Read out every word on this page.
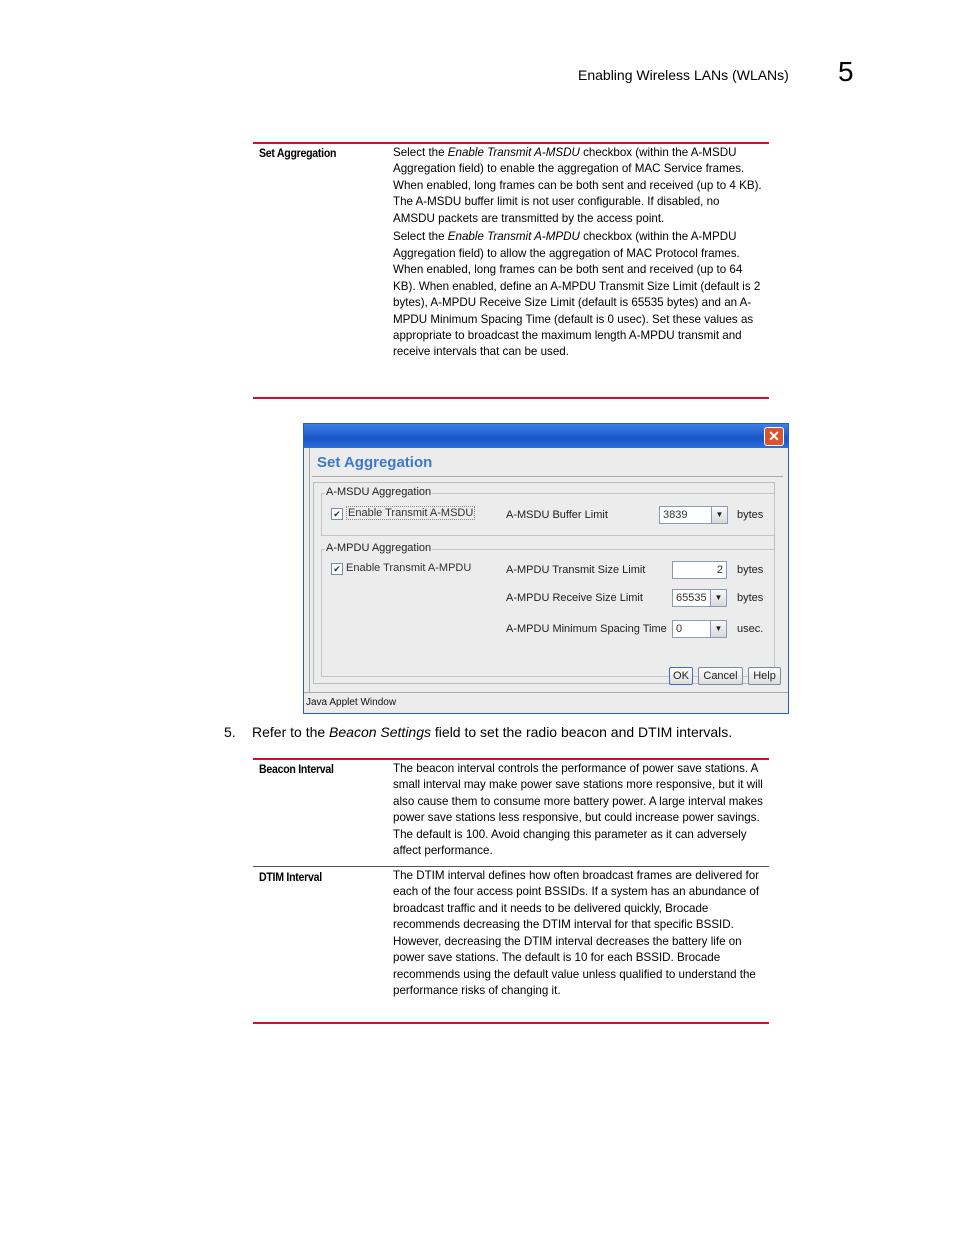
Enabling Wireless LANs (WLANs) 5
Set Aggregation	Select the Enable Transmit A-MSDU checkbox (within the A-MSDU Aggregation field) to enable the aggregation of MAC Service frames. When enabled, long frames can be both sent and received (up to 4 KB). The A-MSDU buffer limit is not user configurable. If disabled, no AMSDU packets are transmitted by the access point.

Select the Enable Transmit A-MPDU checkbox (within the A-MPDU Aggregation field) to allow the aggregation of MAC Protocol frames. When enabled, long frames can be both sent and received (up to 64 KB). When enabled, define an A-MPDU Transmit Size Limit (default is 2 bytes), A-MPDU Receive Size Limit (default is 65535 bytes) and an A-MPDU Minimum Spacing Time (default is 0 usec). Set these values as appropriate to broadcast the maximum length A-MPDU transmit and receive intervals that can be used.

✕
Set Aggregation
A-MSDU Aggregation
✔ Enable Transmit A-MSDU	A-MSDU Buffer Limit	3839	▼	bytes
A-MPDU Aggregation
✔ Enable Transmit A-MPDU	A-MPDU Transmit Size Limit	2	bytes
A-MPDU Receive Size Limit	65535 ▼	bytes
A-MPDU Minimum Spacing Time 0	▼	usec.
OK	Cancel	Help
Java Applet Window
5. Refer to the Beacon Settings field to set the radio beacon and DTIM intervals.
Beacon Interval	The beacon interval controls the performance of power save stations. A small interval may make power save stations more responsive, but it will also cause them to consume more battery power. A large interval makes power save stations less responsive, but could increase power savings. The default is 100. Avoid changing this parameter as it can adversely affect performance.
DTIM Interval	The DTIM interval defines how often broadcast frames are delivered for each of the four access point BSSIDs. If a system has an abundance of broadcast traffic and it needs to be delivered quickly, Brocade recommends decreasing the DTIM interval for that specific BSSID. However, decreasing the DTIM interval decreases the battery life on power save stations. The default is 10 for each BSSID. Brocade recommends using the default value unless qualified to understand the performance risks of changing it.
